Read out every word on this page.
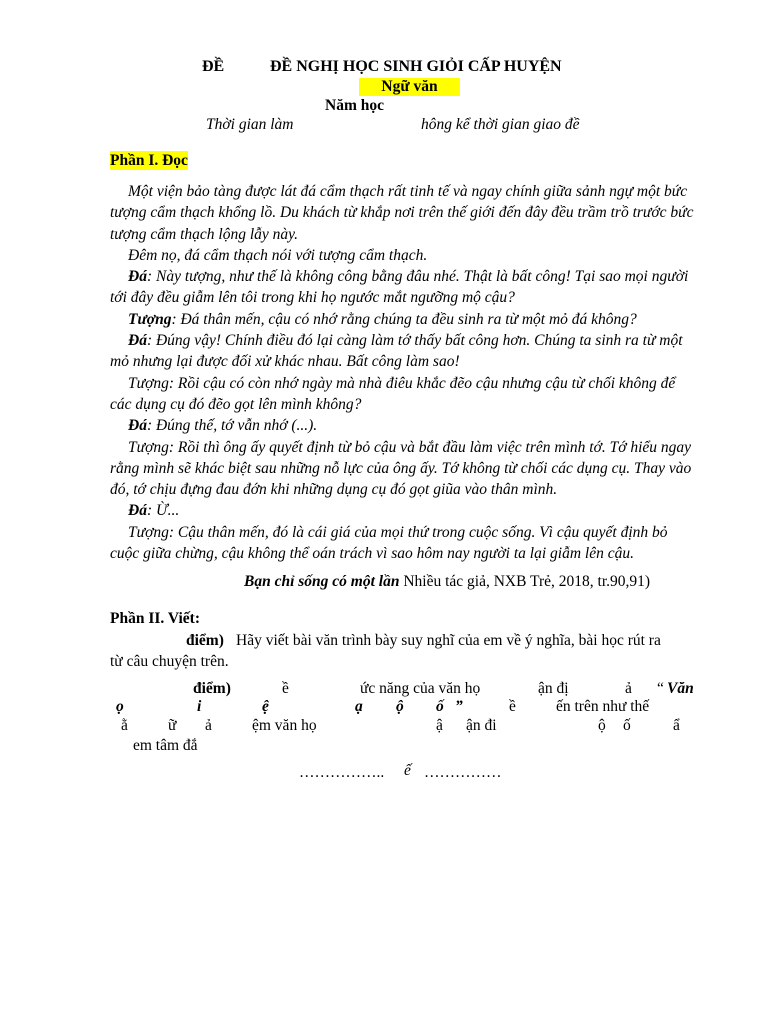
ĐỀ	ĐỀ NGHỊ HỌC SINH GIỎI CẤP HUYỆN
Ngữ văn
Năm học
Thời gian làm	hông kể thời gian giao đề
Phần I. Đọc

Một viện bảo tàng được lát đá cẩm thạch rất tinh tế và ngay chính giữa sảnh ngự một bức tượng cẩm thạch khổng lồ. Du khách từ khắp nơi trên thế giới đến đây đều trầm trồ trước bức tượng cẩm thạch lộng lẫy này.

Đêm nọ, đá cẩm thạch nói với tượng cẩm thạch.

Đá: Này tượng, như thế là không công bằng đâu nhé. Thật là bất công! Tại sao mọi người tới đây đều giẫm lên tôi trong khi họ ngước mắt ngưỡng mộ cậu?

Tượng: Đá thân mến, cậu có nhớ rằng chúng ta đều sinh ra từ một mỏ đá không?

Đá: Đúng vậy! Chính điều đó lại càng làm tớ thấy bất công hơn. Chúng ta sinh ra từ một mỏ nhưng lại được đối xử khác nhau. Bất công làm sao!

Tượng: Rồi cậu có còn nhớ ngày mà nhà điêu khắc đẽo cậu nhưng cậu từ chối không để các dụng cụ đó đẽo gọt lên mình không?

Đá: Đúng thế, tớ vẫn nhớ (...).

Tượng: Rồi thì ông ấy quyết định từ bỏ cậu và bắt đầu làm việc trên mình tớ. Tớ hiểu ngay rằng mình sẽ khác biệt sau những nỗ lực của ông ấy. Tớ không từ chối các dụng cụ. Thay vào đó, tớ chịu đựng đau đớn khi những dụng cụ đó gọt giũa vào thân mình.

Đá: Ừ...

Tượng: Cậu thân mến, đó là cái giá của mọi thứ trong cuộc sống. Vì cậu quyết định bỏ cuộc giữa chừng, cậu không thể oán trách vì sao hôm nay người ta lại giẫm lên cậu.

Bạn chỉ sống có một lần Nhiều tác giả, NXB Trẻ, 2018, tr.90,91)
Phần II. Viết:
điểm) Hãy viết bài văn trình bày suy nghĩ của em về ý nghĩa, bài học rút ra
từ câu chuyện trên.
điểm)	ề	ức năng của văn họ	ận đị	ả “ Văn
ọ	i	ệ	ạ ộ ố ”	ề	ến trên như thế
ằ	ữ ả	ệm văn họ	ậ ận đi	ộ ố	ẩ
em tâm đắ
…………….. ế ……………
